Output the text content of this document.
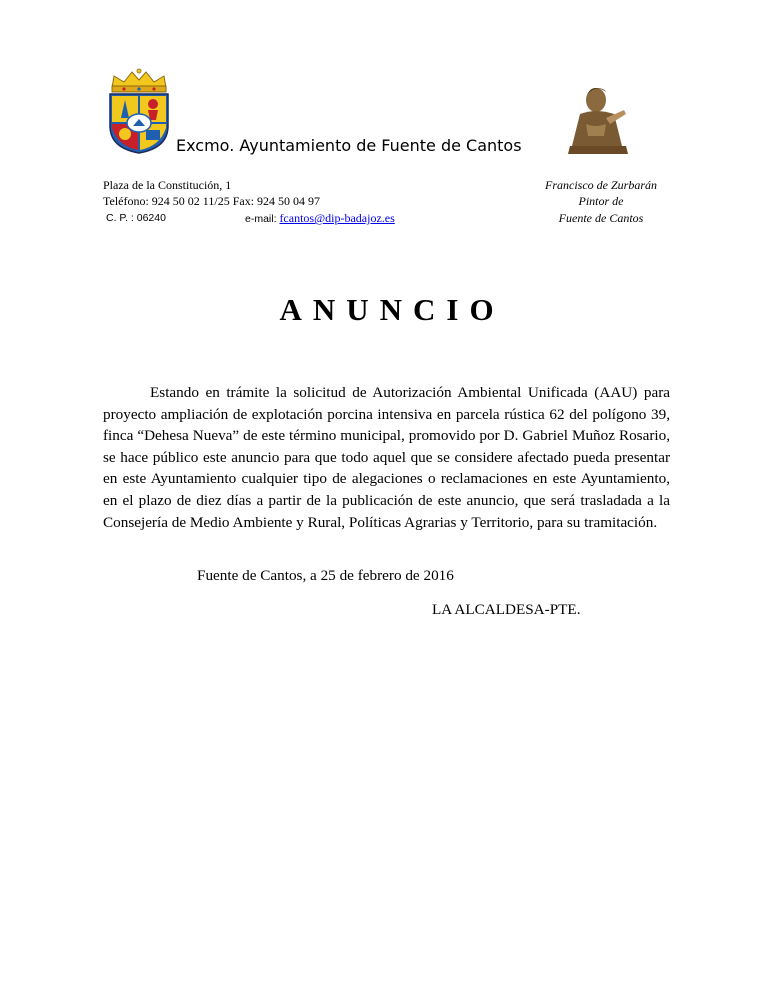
Excmo. Ayuntamiento de Fuente de Cantos
Plaza de la Constitución, 1
Teléfono: 924 50 02 11/25 Fax: 924 50 04 97
C. P. : 06240	e-mail: fcantos@dip-badajoz.es
Francisco de Zurbarán
Pintor de
Fuente de Cantos
ANUNCIO

Estando en trámite la solicitud de Autorización Ambiental Unificada (AAU) para proyecto ampliación de explotación porcina intensiva en parcela rústica 62 del polígono 39, finca “Dehesa Nueva” de este término municipal, promovido por D. Gabriel Muñoz Rosario, se hace público este anuncio para que todo aquel que se considere afectado pueda presentar en este Ayuntamiento cualquier tipo de alegaciones o reclamaciones en este Ayuntamiento, en el plazo de diez días a partir de la publicación de este anuncio, que será trasladada a la Consejería de Medio Ambiente y Rural, Políticas Agrarias y Territorio, para su tramitación.

Fuente de Cantos, a 25 de febrero de 2016
LA ALCALDESA-PTE.
